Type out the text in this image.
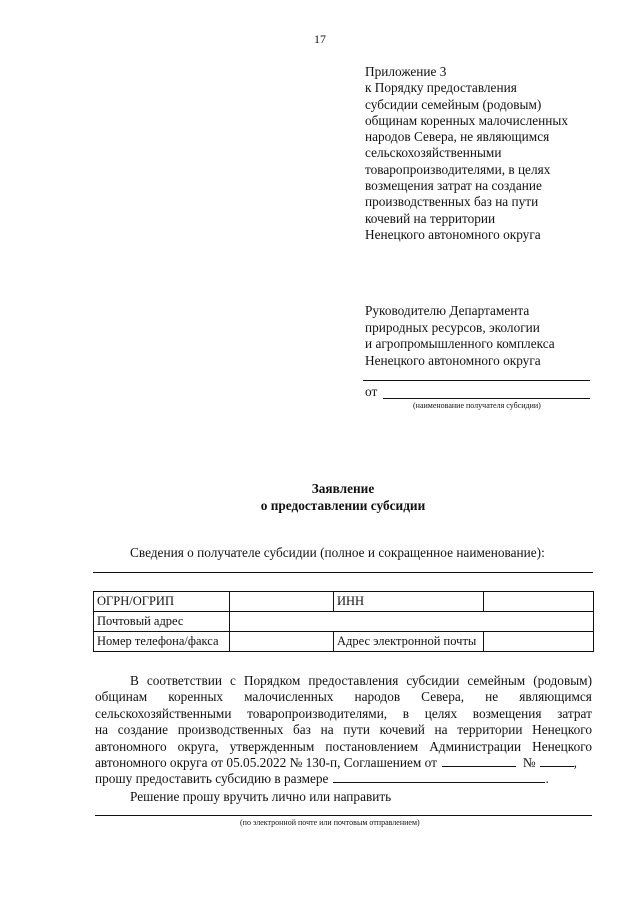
17
Приложение 3
к Порядку предоставления
субсидии семейным (родовым)
общинам коренных малочисленных
народов Севера, не являющимся
сельскохозяйственными
товаропроизводителями, в целях
возмещения затрат на создание
производственных баз на пути
кочевий на территории
Ненецкого автономного округа
Руководителю Департамента
природных ресурсов, экологии
и агропромышленного комплекса
Ненецкого автономного округа
от
(наименование получателя субсидии)
Заявление
о предоставлении субсидии
Сведения о получателе субсидии (полное и сокращенное наименование):
ОГРН/ОГРИП		ИНН	
Почтовый адрес			
Номер телефона/факса		Адрес электронной почты	
В соответствии с Порядком предоставления субсидии семейным (родовым)
общинам коренных малочисленных народов Севера, не являющимся
сельскохозяйственными товаропроизводителями, в целях возмещения затрат
на создание производственных баз на пути кочевий на территории Ненецкого
автономного округа, утвержденным постановлением Администрации Ненецкого
автономного округа от 05.05.2022 № 130-п, Соглашением от	№	,
прошу предоставить субсидию в размере	.
Решение прошу вручить лично или направить
(по электронной почте или почтовым отправлением)
